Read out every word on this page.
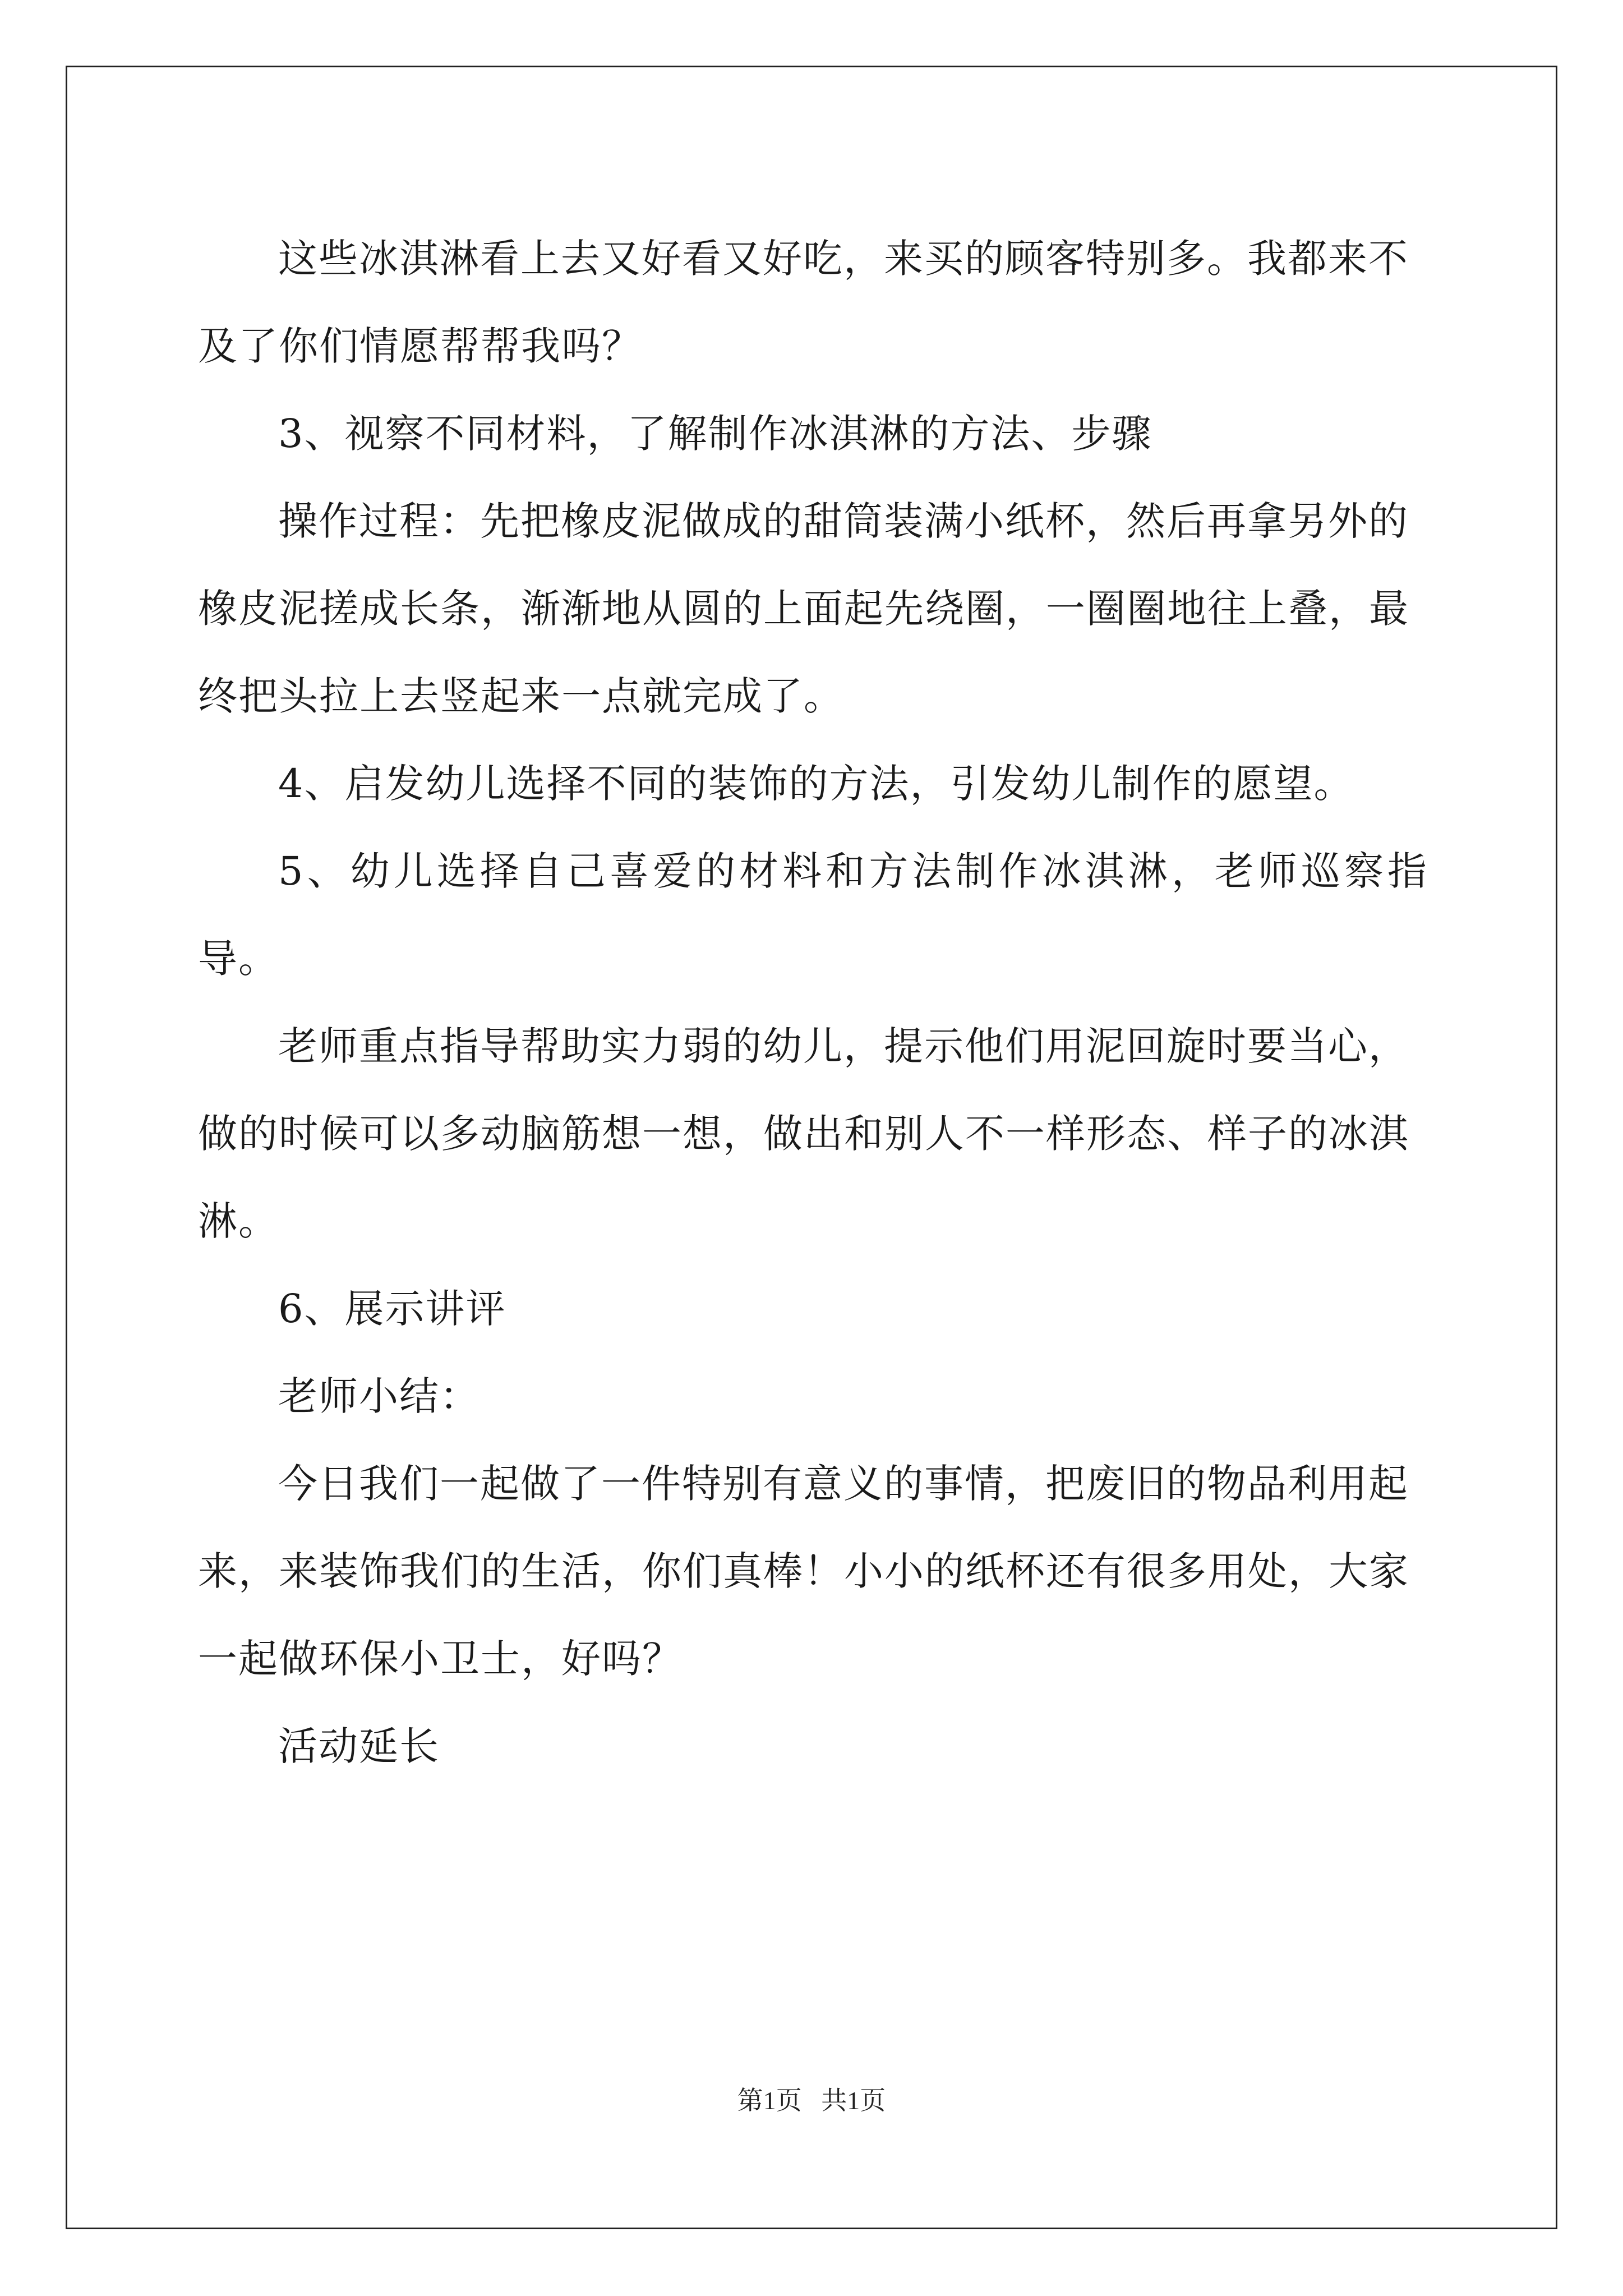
这些冰淇淋看上去又好看又好吃，来买的顾客特别多。我都来不
及了你们情愿帮帮我吗？

3、视察不同材料，了解制作冰淇淋的方法、步骤

操作过程：先把橡皮泥做成的甜筒装满小纸杯，然后再拿另外的
橡皮泥搓成长条，渐渐地从圆的上面起先绕圈，一圈圈地往上叠，最
终把头拉上去竖起来一点就完成了。

4、启发幼儿选择不同的装饰的方法，引发幼儿制作的愿望。

5、幼儿选择自己喜爱的材料和方法制作冰淇淋，老师巡察指导。

老师重点指导帮助实力弱的幼儿，提示他们用泥回旋时要当心，
做的时候可以多动脑筋想一想，做出和别人不一样形态、样子的冰淇
淋。

6、展示讲评

老师小结：

今日我们一起做了一件特别有意义的事情，把废旧的物品利用起
来，来装饰我们的生活，你们真棒！小小的纸杯还有很多用处，大家
一起做环保小卫士，好吗？

活动延长

第1页 共1页
